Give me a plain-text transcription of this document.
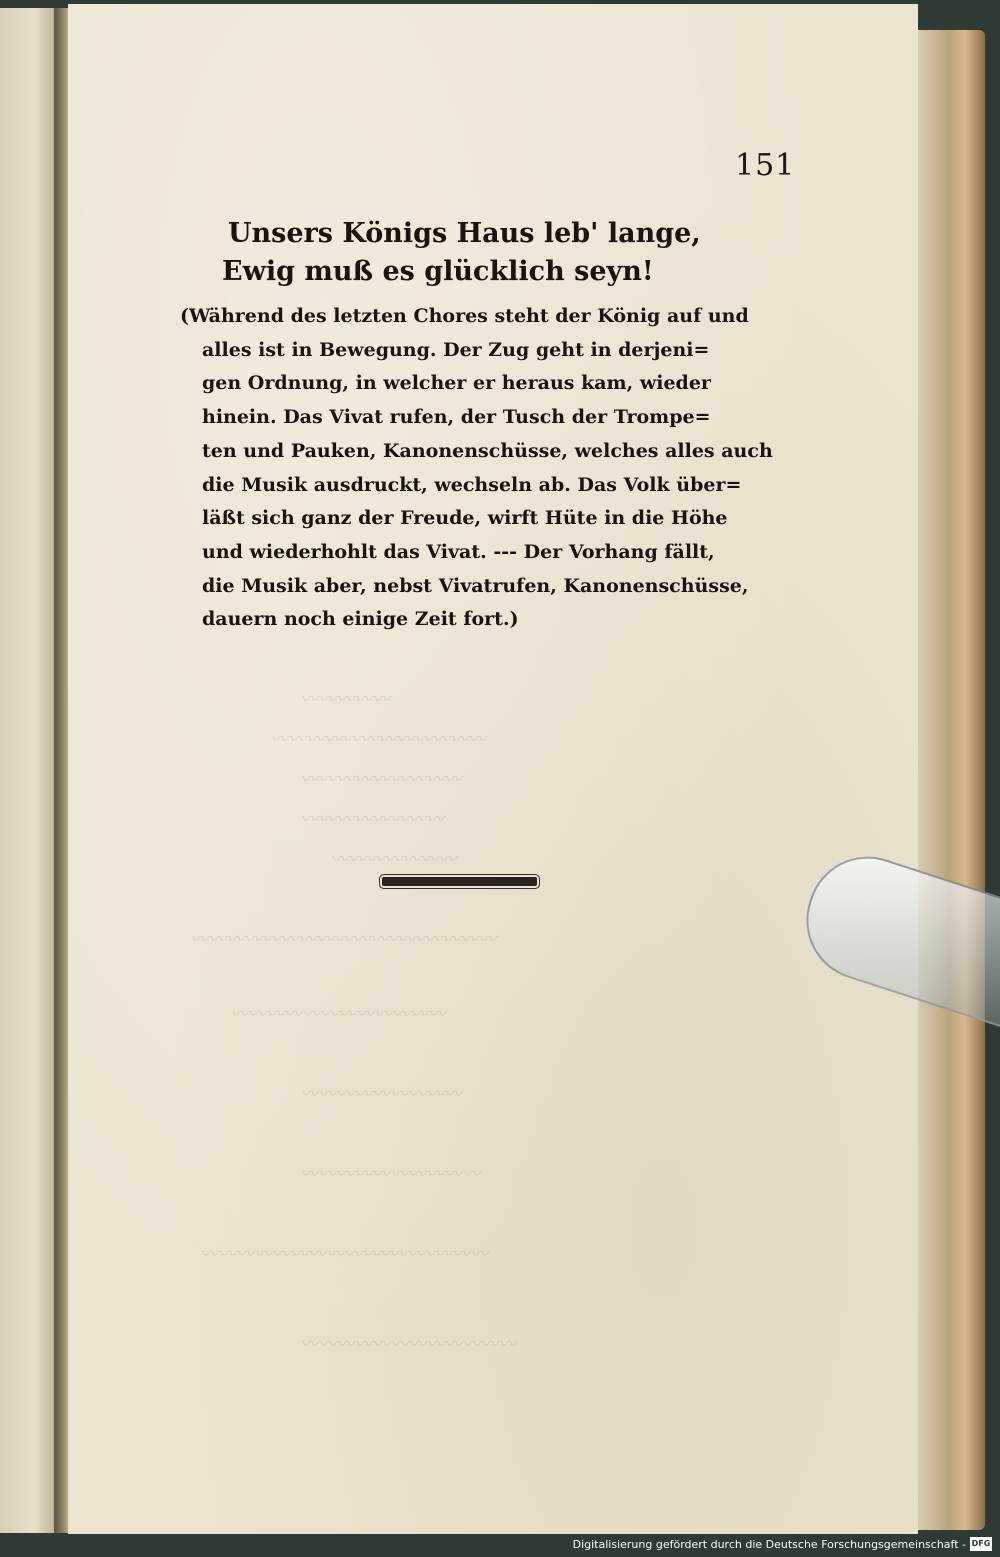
〰〰〰〰〰
〰〰〰〰〰〰〰〰〰〰〰〰
〰〰〰〰〰〰〰〰〰
〰〰〰〰〰〰〰〰
〰〰〰〰〰〰〰
〰〰〰〰〰〰〰〰〰〰〰〰〰〰〰〰〰
〰〰〰〰〰〰〰〰〰〰〰〰
〰〰〰〰〰〰〰〰〰
〰〰〰〰〰〰〰〰〰〰
〰〰〰〰〰〰〰〰〰〰〰〰〰〰〰〰
〰〰〰〰〰〰〰〰〰〰〰〰
151
Unsers Königs Haus leb' lange,
Ewig muß es glücklich seyn!
(Während des letzten Chores steht der König auf und
alles ist in Bewegung. Der Zug geht in derjeni=
gen Ordnung, in welcher er heraus kam, wieder
hinein. Das Vivat rufen, der Tusch der Trompe=
ten und Pauken, Kanonenschüsse, welches alles auch
die Musik ausdruckt, wechseln ab. Das Volk über=
läßt sich ganz der Freude, wirft Hüte in die Höhe
und wiederhohlt das Vivat. --- Der Vorhang fällt,
die Musik aber, nebst Vivatrufen, Kanonenschüsse,
dauern noch einige Zeit fort.)
Digitalisierung gefördert durch die Deutsche Forschungsgemeinschaft - DFG
